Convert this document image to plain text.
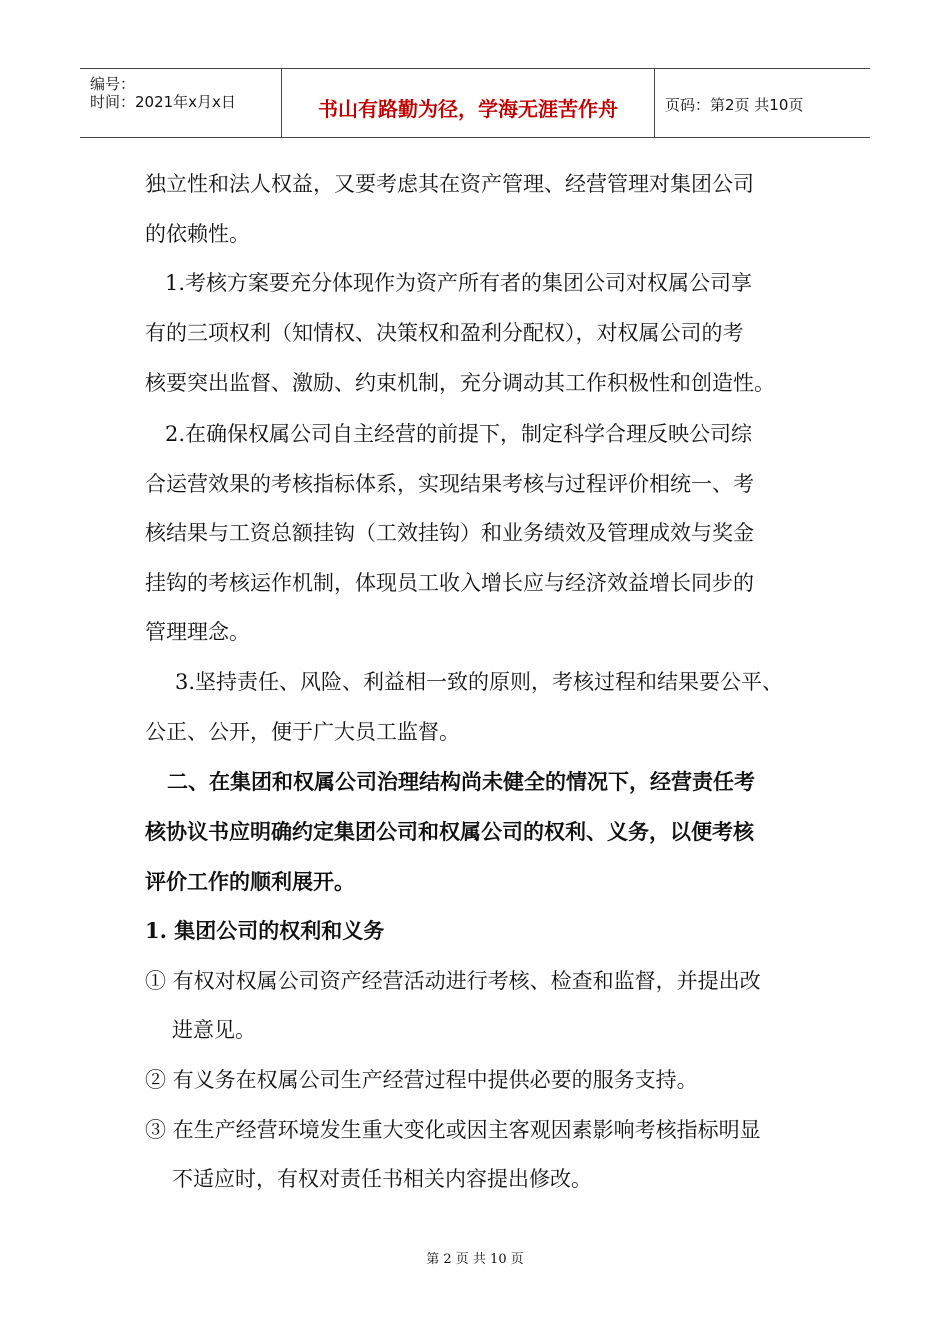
编号：
时间：2021年x月x日	书山有路勤为径，学海无涯苦作舟	页码：第2页 共10页
独立性和法人权益，又要考虑其在资产管理、经营管理对集团公司
的依赖性。
1.考核方案要充分体现作为资产所有者的集团公司对权属公司享
有的三项权利（知情权、决策权和盈利分配权），对权属公司的考
核要突出监督、激励、约束机制，充分调动其工作积极性和创造性。
2.在确保权属公司自主经营的前提下，制定科学合理反映公司综
合运营效果的考核指标体系，实现结果考核与过程评价相统一、考
核结果与工资总额挂钩（工效挂钩）和业务绩效及管理成效与奖金
挂钩的考核运作机制，体现员工收入增长应与经济效益增长同步的
管理理念。
3.坚持责任、风险、利益相一致的原则，考核过程和结果要公平、
公正、公开，便于广大员工监督。
二、在集团和权属公司治理结构尚未健全的情况下，经营责任考
核协议书应明确约定集团公司和权属公司的权利、义务，以便考核
评价工作的顺利展开。
1. 集团公司的权利和义务
① 有权对权属公司资产经营活动进行考核、检查和监督，并提出改
进意见。
② 有义务在权属公司生产经营过程中提供必要的服务支持。
③ 在生产经营环境发生重大变化或因主客观因素影响考核指标明显
不适应时，有权对责任书相关内容提出修改。
第 2 页 共 10 页
